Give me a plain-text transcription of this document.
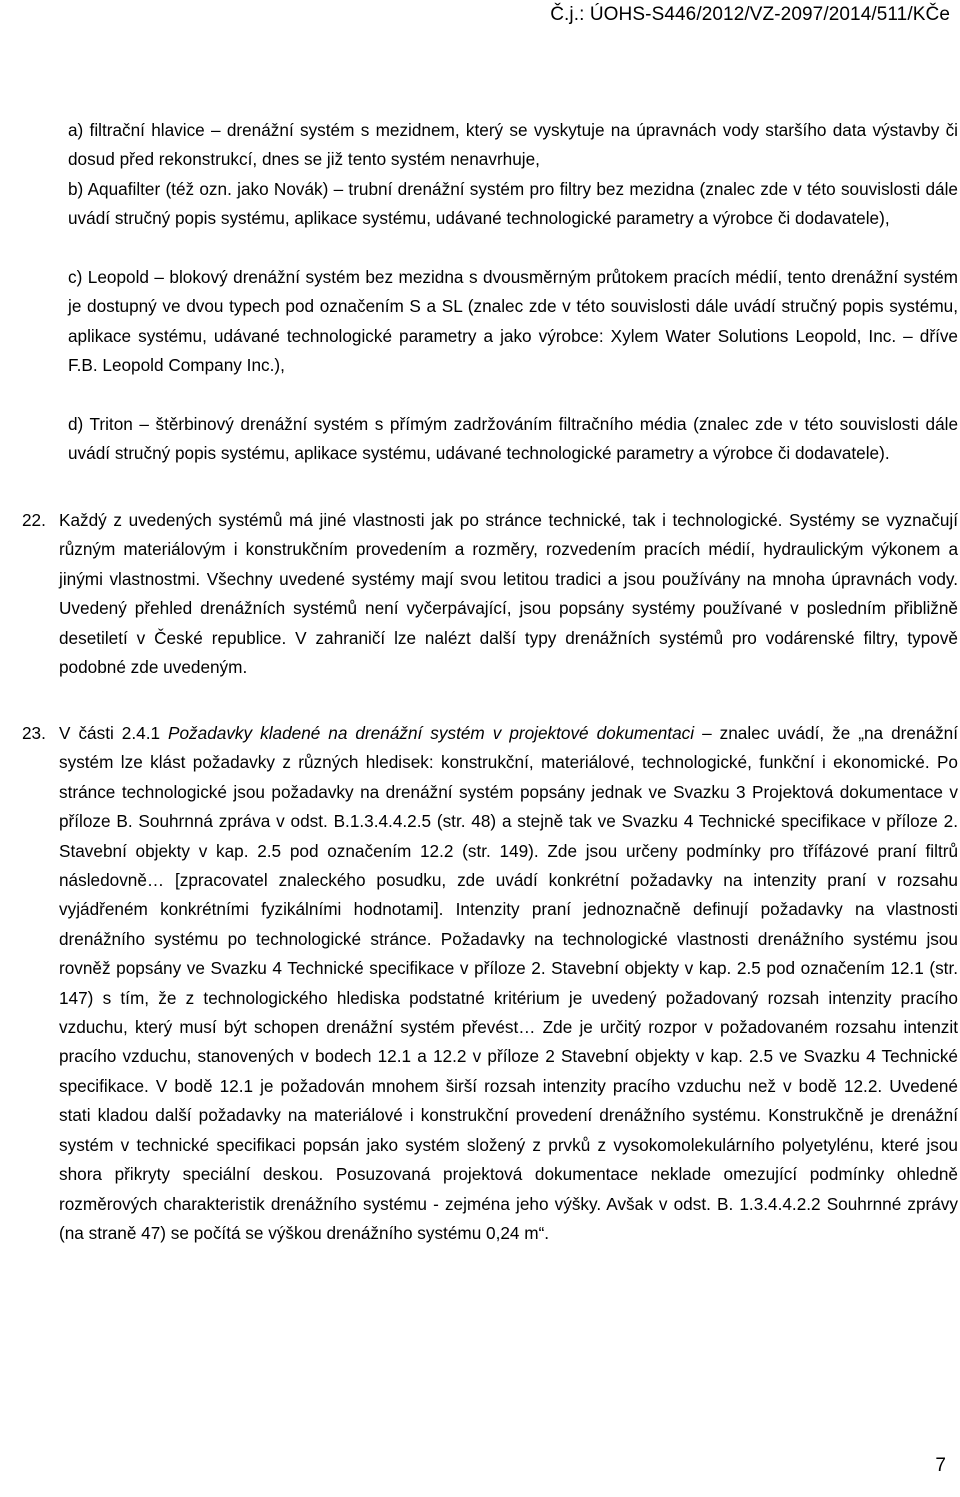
Č.j.: ÚOHS-S446/2012/VZ-2097/2014/511/KČe

a) filtrační hlavice – drenážní systém s mezidnem, který se vyskytuje na úpravnách vody staršího data výstavby či dosud před rekonstrukcí, dnes se již tento systém nenavrhuje,

b) Aquafilter (též ozn. jako Novák) – trubní drenážní systém pro filtry bez mezidna (znalec zde v této souvislosti dále uvádí stručný popis systému, aplikace systému, udávané technologické parametry a výrobce či dodavatele),

c) Leopold – blokový drenážní systém bez mezidna s dvousměrným průtokem pracích médií, tento drenážní systém je dostupný ve dvou typech pod označením S a SL (znalec zde v této souvislosti dále uvádí stručný popis systému, aplikace systému, udávané technologické parametry a jako výrobce: Xylem Water Solutions Leopold, Inc. – dříve F.B. Leopold Company Inc.),

d) Triton – štěrbinový drenážní systém s přímým zadržováním filtračního média (znalec zde v této souvislosti dále uvádí stručný popis systému, aplikace systému, udávané technologické parametry a výrobce či dodavatele).

22. Každý z uvedených systémů má jiné vlastnosti jak po stránce technické, tak i technologické. Systémy se vyznačují různým materiálovým i konstrukčním provedením a rozměry, rozvedením pracích médií, hydraulickým výkonem a jinými vlastnostmi. Všechny uvedené systémy mají svou letitou tradici a jsou používány na mnoha úpravnách vody. Uvedený přehled drenážních systémů není vyčerpávající, jsou popsány systémy používané v posledním přibližně desetiletí v České republice. V zahraničí lze nalézt další typy drenážních systémů pro vodárenské filtry, typově podobné zde uvedeným.

23. V části 2.4.1 Požadavky kladené na drenážní systém v projektové dokumentaci – znalec uvádí, že „na drenážní systém lze klást požadavky z různých hledisek: konstrukční, materiálové, technologické, funkční i ekonomické. Po stránce technologické jsou požadavky na drenážní systém popsány jednak ve Svazku 3 Projektová dokumentace v příloze B. Souhrnná zpráva v odst. B.1.3.4.4.2.5 (str. 48) a stejně tak ve Svazku 4 Technické specifikace v příloze 2. Stavební objekty v kap. 2.5 pod označením 12.2 (str. 149). Zde jsou určeny podmínky pro třífázové praní filtrů následovně… [zpracovatel znaleckého posudku, zde uvádí konkrétní požadavky na intenzity praní v rozsahu vyjádřeném konkrétními fyzikálními hodnotami]. Intenzity praní jednoznačně definují požadavky na vlastnosti drenážního systému po technologické stránce. Požadavky na technologické vlastnosti drenážního systému jsou rovněž popsány ve Svazku 4 Technické specifikace v příloze 2. Stavební objekty v kap. 2.5 pod označením 12.1 (str. 147) s tím, že z technologického hlediska podstatné kritérium je uvedený požadovaný rozsah intenzity pracího vzduchu, který musí být schopen drenážní systém převést… Zde je určitý rozpor v požadovaném rozsahu intenzit pracího vzduchu, stanovených v bodech 12.1 a 12.2 v příloze 2 Stavební objekty v kap. 2.5 ve Svazku 4 Technické specifikace. V bodě 12.1 je požadován mnohem širší rozsah intenzity pracího vzduchu než v bodě 12.2. Uvedené stati kladou další požadavky na materiálové i konstrukční provedení drenážního systému. Konstrukčně je drenážní systém v technické specifikaci popsán jako systém složený z prvků z vysokomolekulárního polyetylénu, které jsou shora přikryty speciální deskou. Posuzovaná projektová dokumentace neklade omezující podmínky ohledně rozměrových charakteristik drenážního systému - zejména jeho výšky. Avšak v odst. B. 1.3.4.4.2.2 Souhrnné zprávy (na straně 47) se počítá se výškou drenážního systému 0,24 m“.

7
